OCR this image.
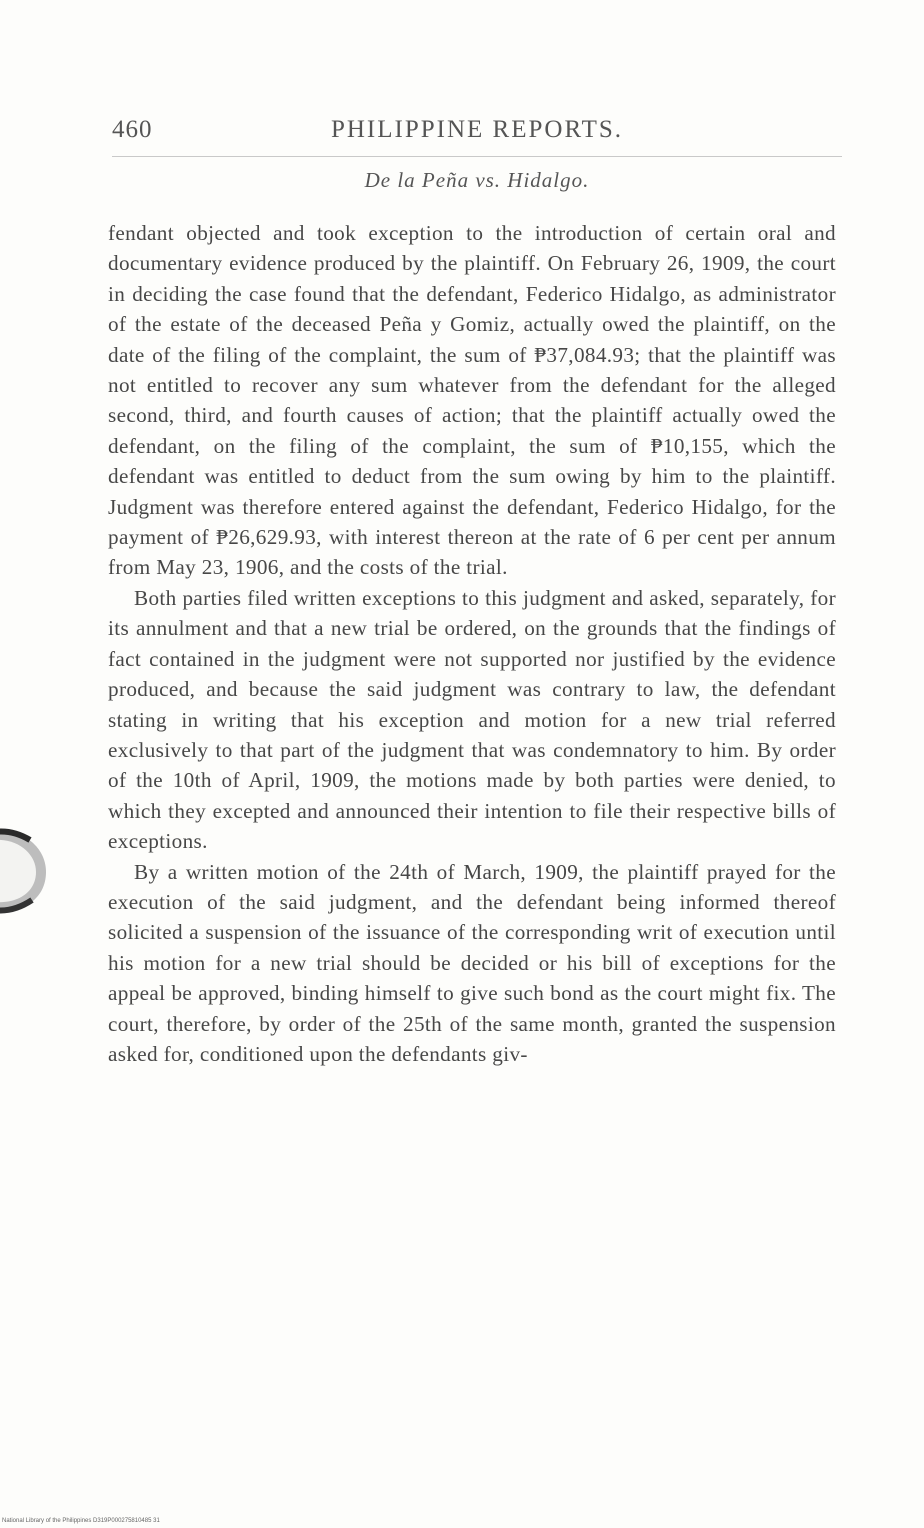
460	PHILIPPINE REPORTS.
De la Peña vs. Hidalgo.

fendant objected and took exception to the introduction of certain oral and documentary evidence produced by the plaintiff. On February 26, 1909, the court in deciding the case found that the defendant, Federico Hidalgo, as administrator of the estate of the deceased Peña y Gomiz, actually owed the plaintiff, on the date of the filing of the complaint, the sum of ₱37,084.93; that the plaintiff was not entitled to recover any sum whatever from the defendant for the alleged second, third, and fourth causes of action; that the plaintiff actually owed the defendant, on the filing of the complaint, the sum of ₱10,155, which the defendant was entitled to deduct from the sum owing by him to the plaintiff. Judgment was therefore entered against the defendant, Federico Hidalgo, for the payment of ₱26,629.93, with interest thereon at the rate of 6 per cent per annum from May 23, 1906, and the costs of the trial.

Both parties filed written exceptions to this judgment and asked, separately, for its annulment and that a new trial be ordered, on the grounds that the findings of fact contained in the judgment were not supported nor justified by the evidence produced, and because the said judgment was contrary to law, the defendant stating in writing that his exception and motion for a new trial referred exclusively to that part of the judgment that was condemnatory to him. By order of the 10th of April, 1909, the motions made by both parties were denied, to which they excepted and announced their intention to file their respective bills of exceptions.

By a written motion of the 24th of March, 1909, the plaintiff prayed for the execution of the said judgment, and the defendant being informed thereof solicited a suspension of the issuance of the corresponding writ of execution until his motion for a new trial should be decided or his bill of exceptions for the appeal be approved, binding himself to give such bond as the court might fix. The court, therefore, by order of the 25th of the same month, granted the suspension asked for, conditioned upon the defendants giv-

National Library of the Philippines D319P000275810485 31
